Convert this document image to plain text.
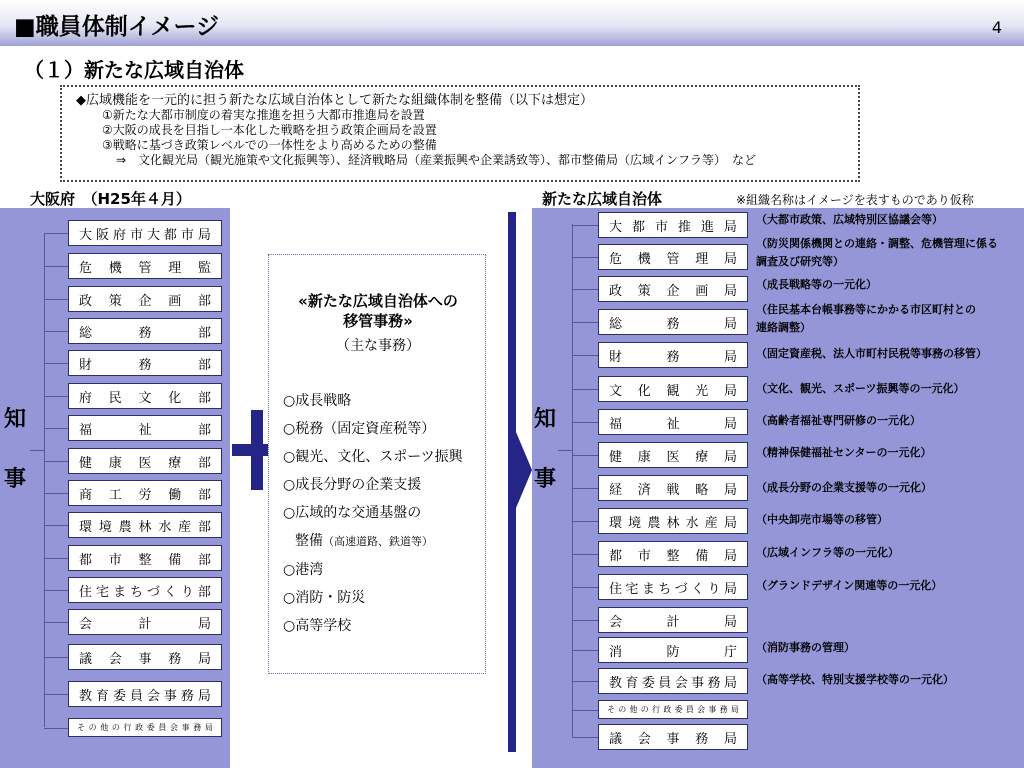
■職員体制イメージ	4
（１）新たな広域自治体
◆広域機能を一元的に担う新たな広域自治体として新たな組織体制を整備（以下は想定）
①新たな大都市制度の着実な推進を担う大都市推進局を設置
②大阪の成長を目指し一本化した戦略を担う政策企画局を設置
③戦略に基づき政策レベルでの一体性をより高めるための整備
⇒　文化観光局（観光施策や文化振興等）、経済戦略局（産業振興や企業誘致等）、都市整備局（広域インフラ等）　など
大阪府　（H25年４月）	新たな広域自治体	※組織名称はイメージを表すものであり仮称
知
事
大 阪 府 市 大 都 市 局
危 機 管 理 監
政 策 企 画 部
総	務	部
財	務	部
府 民 文 化 部
福	祉	部
健 康 医 療 部
商 工 労 働 部
環 境 農 林 水 産 部
都 市 整 備 部
住 宅 ま ち づ く り 部
会	計	局
議 会 事 務 局
教 育 委 員 会 事 務 局
そ の 他 の 行 政 委 員 会 事 務 局
«新たな広域自治体への
移管事務»
（主な事務）
○成長戦略
○税務（固定資産税等）
○観光、文化、スポーツ振興
○成長分野の企業支援
○広域的な交通基盤の
整備（高速道路、鉄道等）
○港湾
○消防・防災
○高等学校
知
事
大 都 市 推 進 局
危 機 管 理 局
政 策 企 画 局
総	務	局
財	務	局
文 化 観 光 局
福	祉	局
健 康 医 療 局
経 済 戦 略 局
環 境 農 林 水 産 局
都 市 整 備 局
住 宅 ま ち づ く り 局
会	計	局
消	防	庁
教 育 委 員 会 事 務 局
そ の 他 の 行 政 委 員 会 事 務 局
議 会 事 務 局
（大都市政策、広域特別区協議会等）
（防災関係機関との連絡・調整、危機管理に係る
調査及び研究等）
（成長戦略等の一元化）
（住民基本台帳事務等にかかる市区町村との
連絡調整）
（固定資産税、法人市町村民税等事務の移管）
（文化、観光、スポーツ振興等の一元化）
（高齢者福祉専門研修の一元化）
（精神保健福祉センターの一元化）
（成長分野の企業支援等の一元化）
（中央卸売市場等の移管）
（広域インフラ等の一元化）
（グランドデザイン関連等の一元化）
（消防事務の管理）
（高等学校、特別支援学校等の一元化）
